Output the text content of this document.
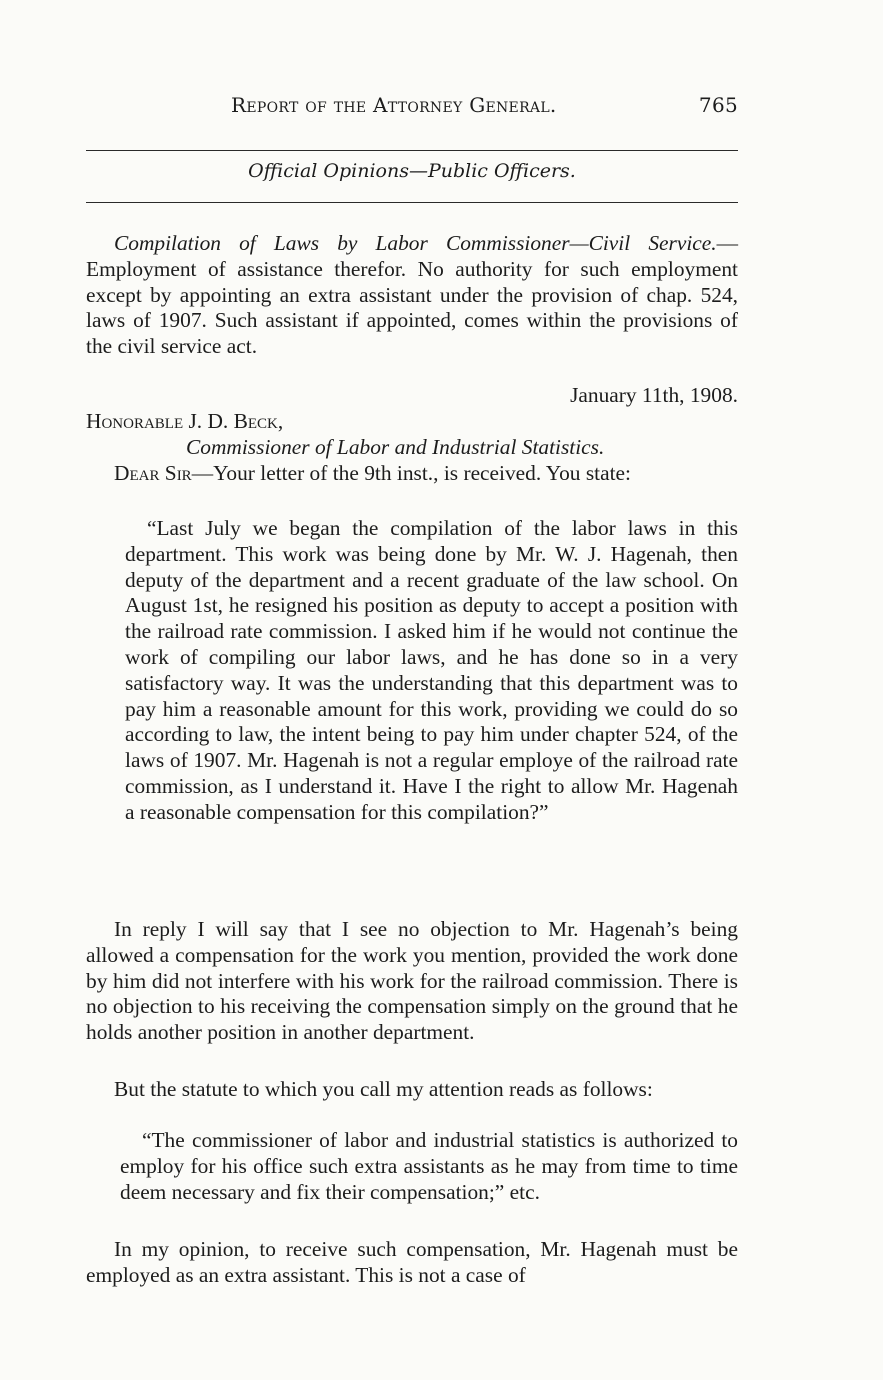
Report of the Attorney General.	765
Official Opinions—Public Officers.

Compilation of Laws by Labor Commissioner—Civil Service.—Employment of assistance therefor. No authority for such employment except by appointing an extra assistant under the provision of chap. 524, laws of 1907. Such assistant if appointed, comes within the provisions of the civil service act.

January 11th, 1908.

Honorable J. D. Beck,

Commissioner of Labor and Industrial Statistics.

Dear Sir—Your letter of the 9th inst., is received. You state:

“Last July we began the compilation of the labor laws in this department. This work was being done by Mr. W. J. Hagenah, then deputy of the department and a recent graduate of the law school. On August 1st, he resigned his position as deputy to accept a position with the railroad rate commission. I asked him if he would not continue the work of compiling our labor laws, and he has done so in a very satisfactory way. It was the understanding that this department was to pay him a reasonable amount for this work, providing we could do so according to law, the intent being to pay him under chapter 524, of the laws of 1907. Mr. Hagenah is not a regular employe of the railroad rate commission, as I understand it. Have I the right to allow Mr. Hagenah a reasonable compensation for this compilation?”

In reply I will say that I see no objection to Mr. Hagenah’s being allowed a compensation for the work you mention, provided the work done by him did not interfere with his work for the railroad commission. There is no objection to his receiving the compensation simply on the ground that he holds another position in another department.

But the statute to which you call my attention reads as follows:

“The commissioner of labor and industrial statistics is authorized to employ for his office such extra assistants as he may from time to time deem necessary and fix their compensation;” etc.

In my opinion, to receive such compensation, Mr. Hagenah must be employed as an extra assistant. This is not a case of
